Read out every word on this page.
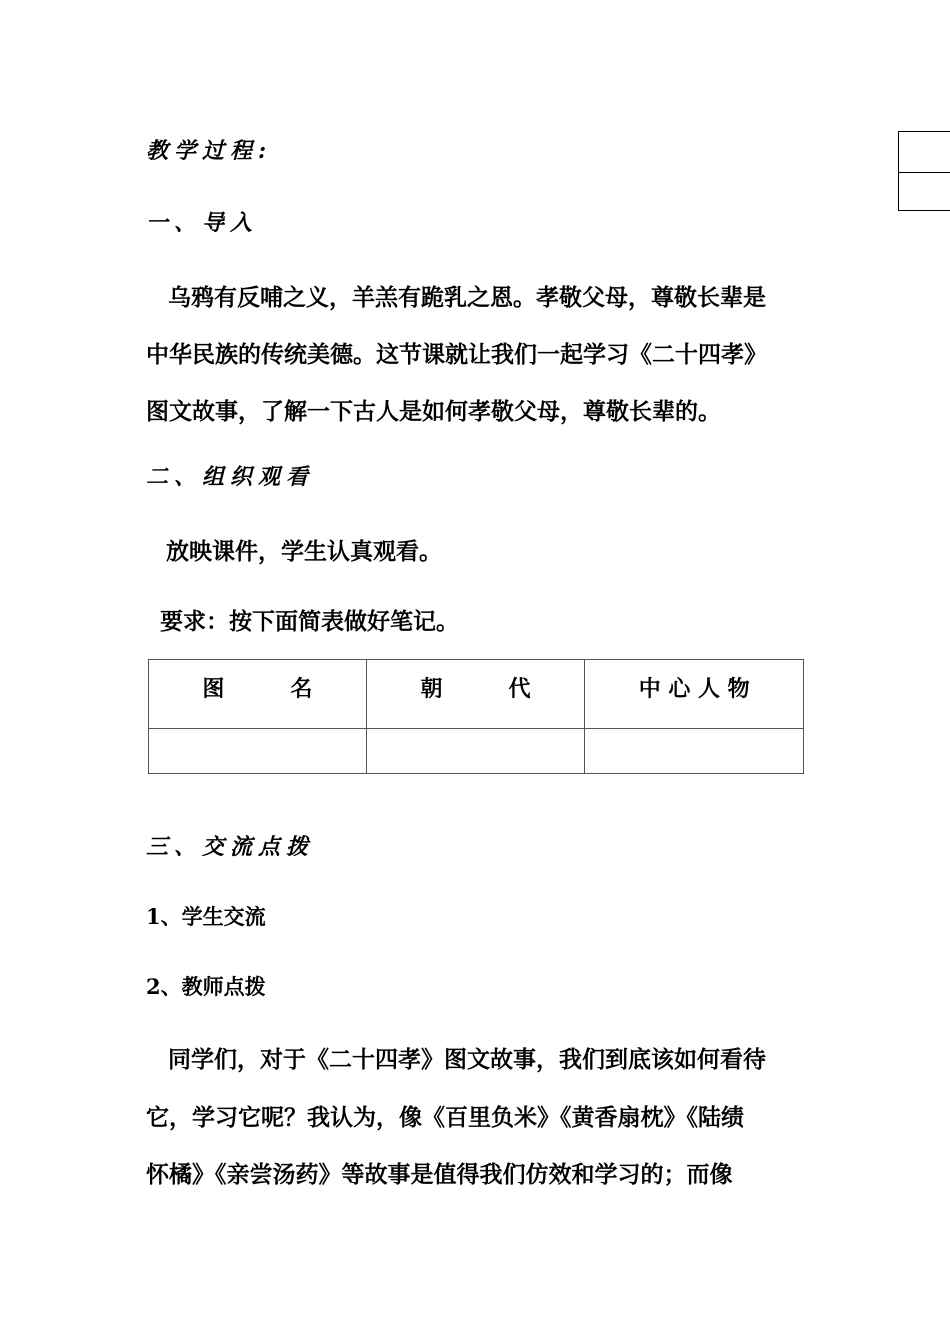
教学过程:
一、导入
乌鸦有反哺之义，羊羔有跪乳之恩。孝敬父母，尊敬长辈是
中华民族的传统美德。这节课就让我们一起学习《二十四孝》
图文故事，了解一下古人是如何孝敬父母，尊敬长辈的。
二、组织观看
放映课件，学生认真观看。
要求：按下面简表做好笔记。
图　　　名	朝　　　代	中 心 人 物

三、交流点拨
1、学生交流
2、教师点拨
同学们，对于《二十四孝》图文故事，我们到底该如何看待
它，学习它呢？我认为，像《百里负米》《黄香扇枕》《陆绩
怀橘》《亲尝汤药》等故事是值得我们仿效和学习的；而像
